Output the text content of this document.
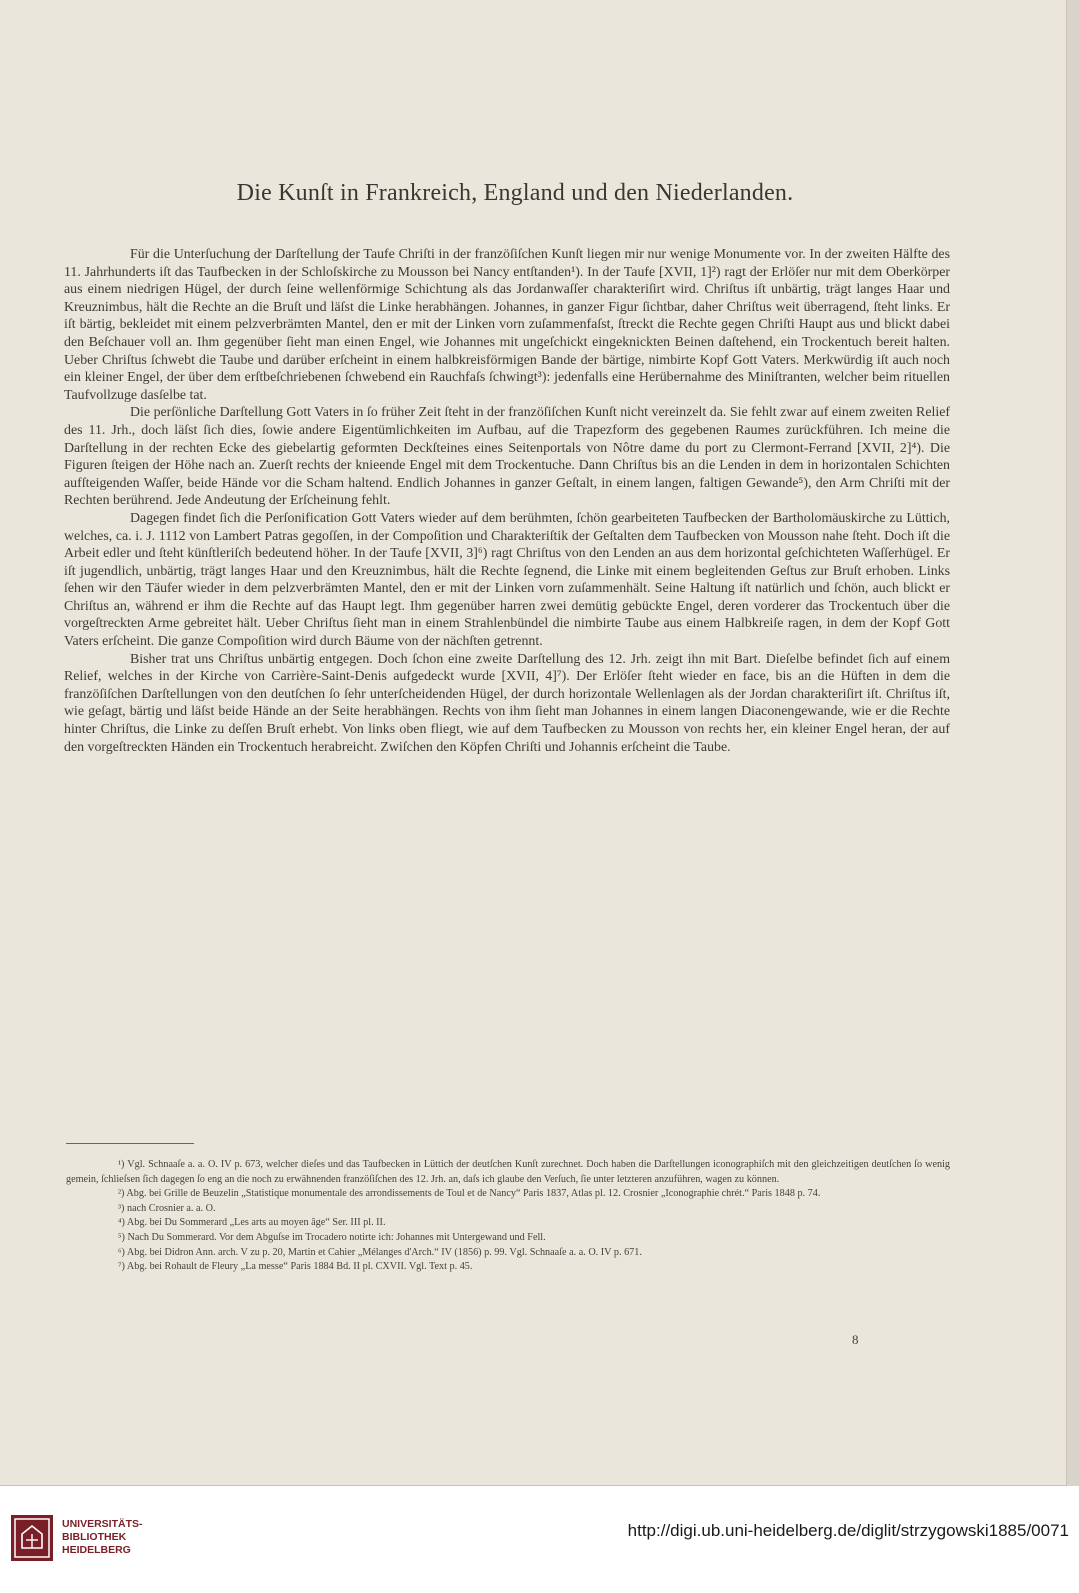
Die Kunſt in Frankreich, England und den Niederlanden.

Für die Unterſuchung der Darſtellung der Taufe Chriſti in der franzöſiſchen Kunſt liegen mir nur wenige Monumente vor. In der zweiten Hälfte des 11. Jahrhunderts iſt das Taufbecken in der Schloſskirche zu Mousson bei Nancy entſtanden¹). In der Taufe [XVII, 1]²) ragt der Erlöſer nur mit dem Oberkörper aus einem niedrigen Hügel, der durch ſeine wellenförmige Schichtung als das Jordanwaſſer charakteriſirt wird. Chriſtus iſt unbärtig, trägt langes Haar und Kreuznimbus, hält die Rechte an die Bruſt und läſst die Linke herabhängen. Johannes, in ganzer Figur ſichtbar, daher Chriſtus weit überragend, ſteht links. Er iſt bärtig, bekleidet mit einem pelzverbrämten Mantel, den er mit der Linken vorn zuſammenfaſst, ſtreckt die Rechte gegen Chriſti Haupt aus und blickt dabei den Beſchauer voll an. Ihm gegenüber ſieht man einen Engel, wie Johannes mit ungeſchickt eingeknickten Beinen daſtehend, ein Trockentuch bereit halten. Ueber Chriſtus ſchwebt die Taube und darüber erſcheint in einem halbkreisförmigen Bande der bärtige, nimbirte Kopf Gott Vaters. Merkwürdig iſt auch noch ein kleiner Engel, der über dem erſtbeſchriebenen ſchwebend ein Rauchfaſs ſchwingt³): jedenfalls eine Herübernahme des Miniſtranten, welcher beim rituellen Taufvollzuge dasſelbe tat.

Die perſönliche Darſtellung Gott Vaters in ſo früher Zeit ſteht in der franzöſiſchen Kunſt nicht vereinzelt da. Sie fehlt zwar auf einem zweiten Relief des 11. Jrh., doch läſst ſich dies, ſowie andere Eigentümlichkeiten im Aufbau, auf die Trapezform des gegebenen Raumes zurückführen. Ich meine die Darſtellung in der rechten Ecke des giebelartig geformten Deckſteines eines Seitenportals von Nôtre dame du port zu Clermont-Ferrand [XVII, 2]⁴). Die Figuren ſteigen der Höhe nach an. Zuerſt rechts der knieende Engel mit dem Trockentuche. Dann Chriſtus bis an die Lenden in dem in horizontalen Schichten aufſteigenden Waſſer, beide Hände vor die Scham haltend. Endlich Johannes in ganzer Geſtalt, in einem langen, faltigen Gewande⁵), den Arm Chriſti mit der Rechten berührend. Jede Andeutung der Erſcheinung fehlt.

Dagegen findet ſich die Perſonification Gott Vaters wieder auf dem berühmten, ſchön gearbeiteten Taufbecken der Bartholomäuskirche zu Lüttich, welches, ca. i. J. 1112 von Lambert Patras gegoſſen, in der Compoſition und Charakteriſtik der Geſtalten dem Taufbecken von Mousson nahe ſteht. Doch iſt die Arbeit edler und ſteht künſtleriſch bedeutend höher. In der Taufe [XVII, 3]⁶) ragt Chriſtus von den Lenden an aus dem horizontal geſchichteten Waſſerhügel. Er iſt jugendlich, unbärtig, trägt langes Haar und den Kreuznimbus, hält die Rechte ſegnend, die Linke mit einem begleitenden Geſtus zur Bruſt erhoben. Links ſehen wir den Täufer wieder in dem pelzverbrämten Mantel, den er mit der Linken vorn zuſammenhält. Seine Haltung iſt natürlich und ſchön, auch blickt er Chriſtus an, während er ihm die Rechte auf das Haupt legt. Ihm gegenüber harren zwei demütig gebückte Engel, deren vorderer das Trockentuch über die vorgeſtreckten Arme gebreitet hält. Ueber Chriſtus ſieht man in einem Strahlenbündel die nimbirte Taube aus einem Halbkreiſe ragen, in dem der Kopf Gott Vaters erſcheint. Die ganze Compoſition wird durch Bäume von der nächſten getrennt.

Bisher trat uns Chriſtus unbärtig entgegen. Doch ſchon eine zweite Darſtellung des 12. Jrh. zeigt ihn mit Bart. Dieſelbe befindet ſich auf einem Relief, welches in der Kirche von Carrière-Saint-Denis aufgedeckt wurde [XVII, 4]⁷). Der Erlöſer ſteht wieder en face, bis an die Hüften in dem die franzöſiſchen Darſtellungen von den deutſchen ſo ſehr unterſcheidenden Hügel, der durch horizontale Wellenlagen als der Jordan charakteriſirt iſt. Chriſtus iſt, wie geſagt, bärtig und läſst beide Hände an der Seite herabhängen. Rechts von ihm ſieht man Johannes in einem langen Diaconengewande, wie er die Rechte hinter Chriſtus, die Linke zu deſſen Bruſt erhebt. Von links oben fliegt, wie auf dem Taufbecken zu Mousson von rechts her, ein kleiner Engel heran, der auf den vorgeſtreckten Händen ein Trockentuch herabreicht. Zwiſchen den Köpfen Chriſti und Johannis erſcheint die Taube.

¹) Vgl. Schnaaſe a. a. O. IV p. 673, welcher dieſes und das Taufbecken in Lüttich der deutſchen Kunſt zurechnet. Doch haben die Darſtellungen iconographiſch mit den gleichzeitigen deutſchen ſo wenig gemein, ſchlieſsen ſich dagegen ſo eng an die noch zu erwähnenden franzöſiſchen des 12. Jrh. an, daſs ich glaube den Verſuch, ſie unter letzteren anzuführen, wagen zu können.

²) Abg. bei Grille de Beuzelin „Statistique monumentale des arrondissements de Toul et de Nancy“ Paris 1837, Atlas pl. 12. Crosnier „Iconographie chrét.“ Paris 1848 p. 74.

³) nach Crosnier a. a. O.

⁴) Abg. bei Du Sommerard „Les arts au moyen âge“ Ser. III pl. II.

⁵) Nach Du Sommerard. Vor dem Abguſse im Trocadero notirte ich: Johannes mit Untergewand und Fell.

⁶) Abg. bei Didron Ann. arch. V zu p. 20, Martin et Cahier „Mélanges d'Arch.“ IV (1856) p. 99. Vgl. Schnaaſe a. a. O. IV p. 671.

⁷) Abg. bei Rohault de Fleury „La messe“ Paris 1884 Bd. II pl. CXVII. Vgl. Text p. 45.

8
UNIVERSITÄTS-
BIBLIOTHEK
HEIDELBERG
http://digi.ub.uni-heidelberg.de/diglit/strzygowski1885/0071
